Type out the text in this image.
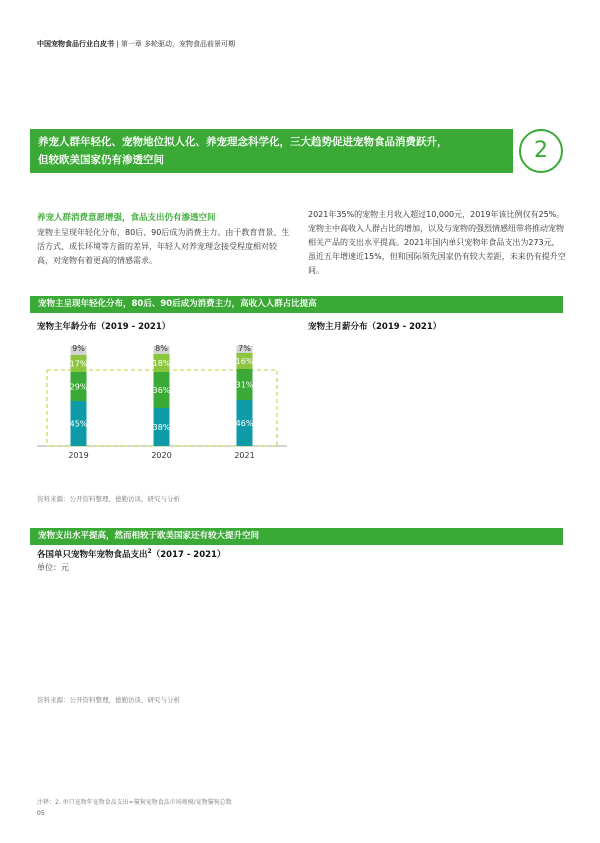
中国宠物食品行业白皮书 | 第一章 多轮驱动，宠物食品前景可期
养宠人群年轻化、宠物地位拟人化、养宠理念科学化，三大趋势促进宠物食品消费跃升，
但较欧美国家仍有渗透空间	2
养宠人群消费意愿增强，食品支出仍有渗透空间
宠物主呈现年轻化分布，80后、90后成为消费主力。由于教育背景、生活方式、成长环境等方面的差异，年轻人对养宠理念接受程度相对较高，对宠物有着更高的情感需求。
2021年35%的宠物主月收入超过10,000元，2019年该比例仅有25%。宠物主中高收入人群占比的增加，以及与宠物的强烈情感纽带将推动宠物相关产品的支出水平提高。2021年国内单只宠物年食品支出为273元，虽近五年增速近15%，但和国际领先国家仍有较大差距，未来仍有提升空间。
宠物主呈现年轻化分布，80后、90后成为消费主力，高收入人群占比提高
宠物主年龄分布（2019 - 2021）	宠物主月薪分布（2019 - 2021）
45%
29%
17%
9%
2019
38%
36%
18%
8%
2020
46%
31%
16%
7%
2021
资料来源：公开资料整理，德勤访谈、研究与分析
宠物支出水平提高，然而相较于欧美国家还有较大提升空间
各国单只宠物年宠物食品支出$^2$（2017 - 2021）
单位：元
资料来源：公开资料整理，德勤访谈、研究与分析
注释：2. 单只宠物年宠物食品支出=猫狗宠物食品市场规模/宠物猫狗总数
05
